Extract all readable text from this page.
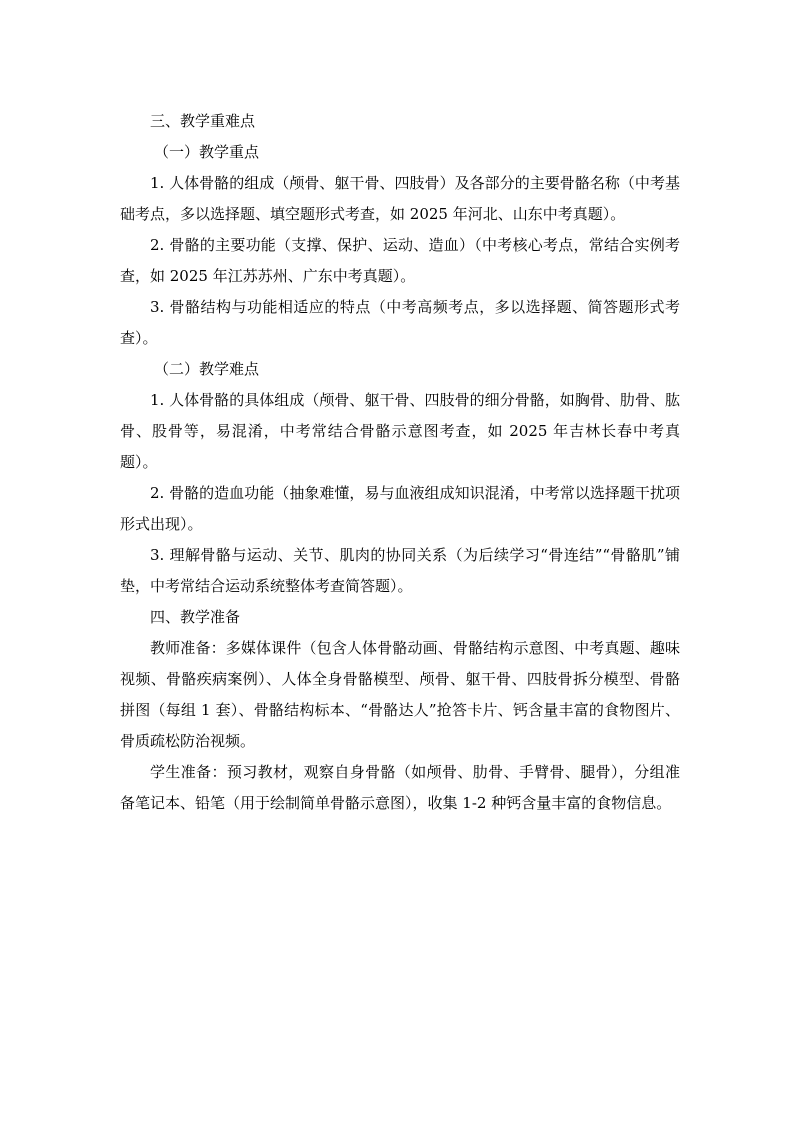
三、教学重难点

（一）教学重点

1. 人体骨骼的组成（颅骨、躯干骨、四肢骨）及各部分的主要骨骼名称（中考基础考点，多以选择题、填空题形式考查，如 2025 年河北、山东中考真题）。

2. 骨骼的主要功能（支撑、保护、运动、造血）（中考核心考点，常结合实例考查，如 2025 年江苏苏州、广东中考真题）。

3. 骨骼结构与功能相适应的特点（中考高频考点，多以选择题、简答题形式考查）。

（二）教学难点

1. 人体骨骼的具体组成（颅骨、躯干骨、四肢骨的细分骨骼，如胸骨、肋骨、肱骨、股骨等，易混淆，中考常结合骨骼示意图考查，如 2025 年吉林长春中考真题）。

2. 骨骼的造血功能（抽象难懂，易与血液组成知识混淆，中考常以选择题干扰项形式出现）。

3. 理解骨骼与运动、关节、肌肉的协同关系（为后续学习“骨连结”“骨骼肌”铺垫，中考常结合运动系统整体考查简答题）。

四、教学准备

教师准备：多媒体课件（包含人体骨骼动画、骨骼结构示意图、中考真题、趣味视频、骨骼疾病案例）、人体全身骨骼模型、颅骨、躯干骨、四肢骨拆分模型、骨骼拼图（每组 1 套）、骨骼结构标本、“骨骼达人”抢答卡片、钙含量丰富的食物图片、骨质疏松防治视频。

学生准备：预习教材，观察自身骨骼（如颅骨、肋骨、手臂骨、腿骨），分组准备笔记本、铅笔（用于绘制简单骨骼示意图），收集 1-2 种钙含量丰富的食物信息。
